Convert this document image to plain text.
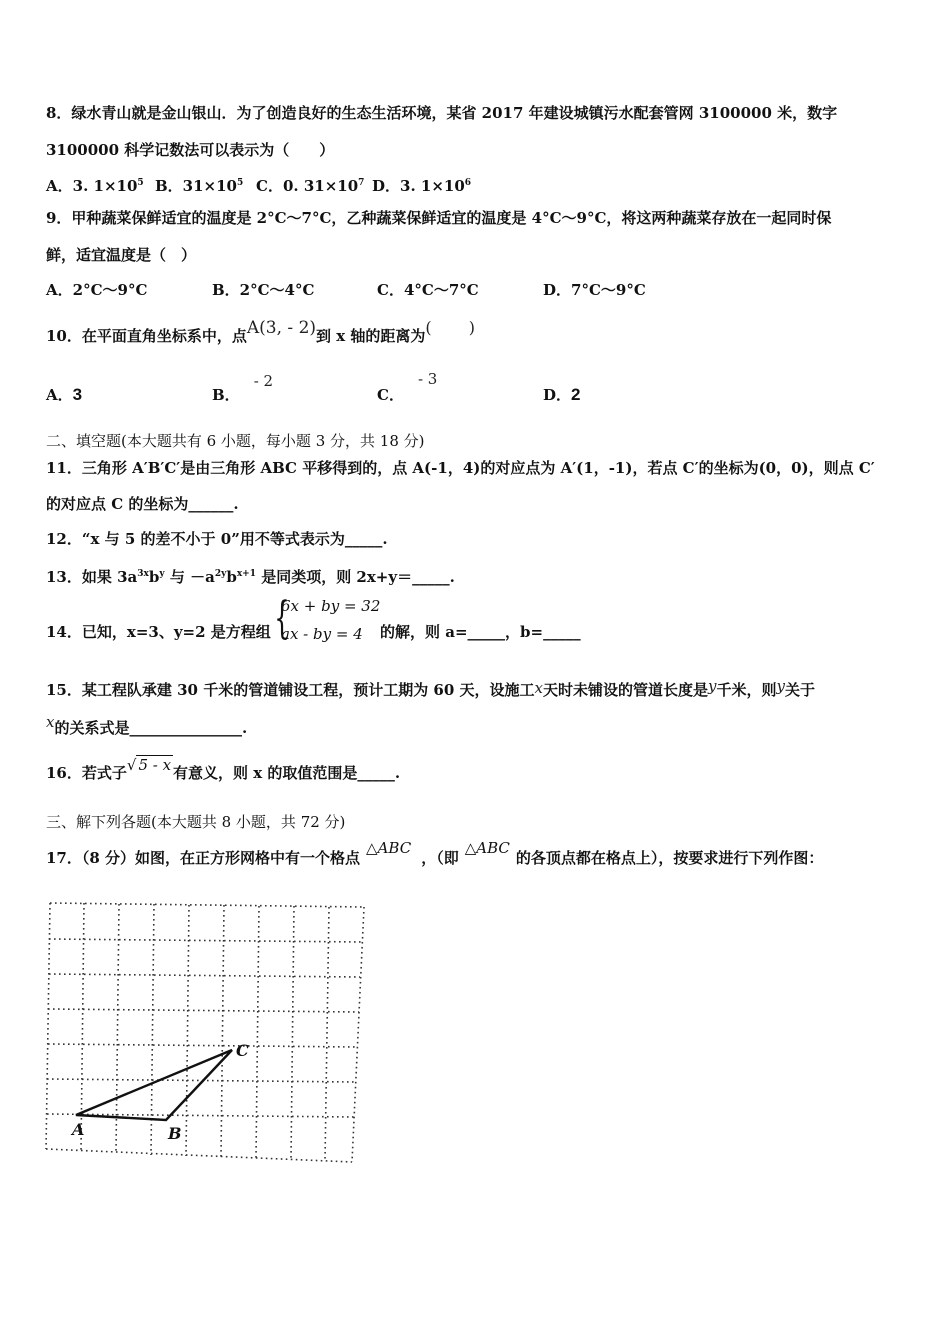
8．绿水青山就是金山银山．为了创造良好的生态生活环境，某省 2017 年建设城镇污水配套管网 3100000 米，数字
3100000 科学记数法可以表示为（　　）
A．3. $1\times 10^5$ B．$31\times 10^5$ C．0. $31\times 10^7$ D．3. $1\times 10^6$
9．甲种蔬菜保鲜适宜的温度是 2°C～7°C，乙种蔬菜保鲜适宜的温度是 4°C～9°C，将这两种蔬菜存放在一起同时保
鲜，适宜温度是（　）
A．2°C～9°C	B．2°C～4°C	C．4°C～7°C	D．7°C～9°C
10．在平面直角坐标系中，点A(3, - 2)到 x 轴的距离为(　　 )
A．3	B．- 2
C．- 3
D．2
二、填空题(本大题共有 6 小题，每小题 3 分，共 18 分)
11．三角形 A′B′C′是由三角形 ABC 平移得到的，点 A(-1，4)的对应点为 A′(1，-1)，若点 C′的坐标为(0，0)，则点 C′
的对应点 C 的坐标为______.
12．“x 与 5 的差不小于 0”用不等式表示为_____.
13．如果 $3a^{3x}b^y$ 与 $-a^{2y}b^{x+1}$ 是同类项，则 2x+y＝_____.
14．已知，x=3、y=2 是方程组 {
6x + by = 32
ax - by = 4 的解，则 a=_____，b=_____
15．某工程队承建 30 千米的管道铺设工程，预计工期为 60 天，设施工x天时未铺设的管道长度是y千米，则y关于
x的关系式是_______________.
16．若式子√ 5 - x 有意义，则 x 的取值范围是_____.
三、解下列各题(本大题共 8 小题，共 72 分)
17．（8 分）如图，在正方形网格中有一个格点△ABC，（即△ABC的各顶点都在格点上），按要求进行下列作图：
A	B
C
